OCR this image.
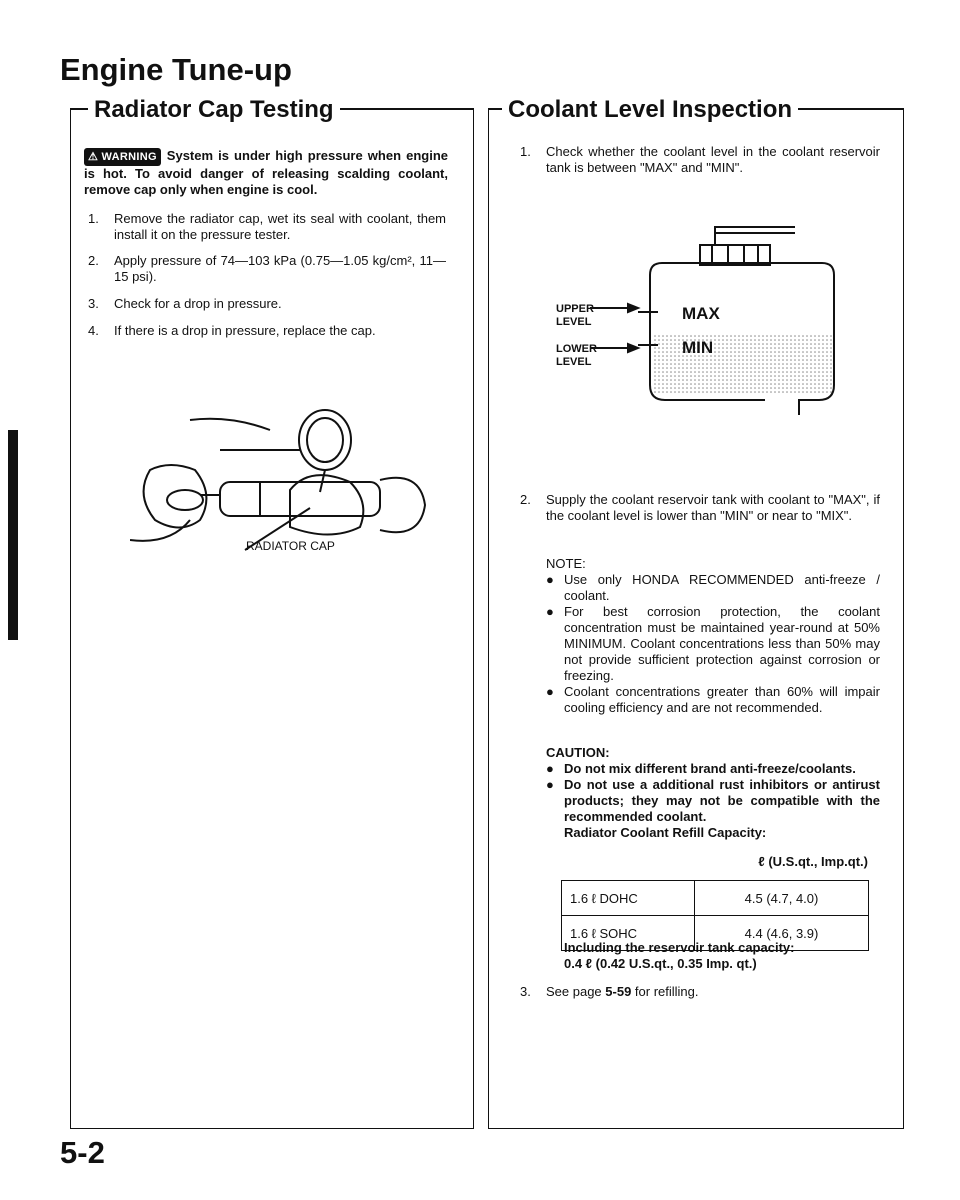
Engine Tune-up
Radiator Cap Testing
⚠ WARNING System is under high pressure when engine is hot. To avoid danger of releasing scalding coolant, remove cap only when engine is cool.
1. Remove the radiator cap, wet its seal with coolant, them install it on the pressure tester.
2. Apply pressure of 74—103 kPa (0.75—1.05 kg/cm², 11—15 psi).
3. Check for a drop in pressure.
4. If there is a drop in pressure, replace the cap.
RADIATOR CAP
Coolant Level Inspection
1. Check whether the coolant level in the coolant reservoir tank is between "MAX" and "MIN".
UPPER
LEVEL
LOWER
LEVEL
MAX
MIN
2. Supply the coolant reservoir tank with coolant to "MAX", if the coolant level is lower than "MIN" or near to "MIX".
NOTE:
● Use only HONDA RECOMMENDED anti-freeze / coolant.
● For best corrosion protection, the coolant concentration must be maintained year-round at 50% MINIMUM. Coolant concentrations less than 50% may not provide sufficient protection against corrosion or freezing.
● Coolant concentrations greater than 60% will impair cooling efficiency and are not recommended.
CAUTION:
● Do not mix different brand anti-freeze/coolants.
● Do not use a additional rust inhibitors or antirust products; they may not be compatible with the recommended coolant.
Radiator Coolant Refill Capacity:
ℓ (U.S.qt., Imp.qt.)
1.6 ℓ DOHC	4.5 (4.7, 4.0)
1.6 ℓ SOHC	4.4 (4.6, 3.9)
Including the reservoir tank capacity:
0.4 ℓ (0.42 U.S.qt., 0.35 Imp. qt.)
3. See page 5-59 for refilling.
5-2
